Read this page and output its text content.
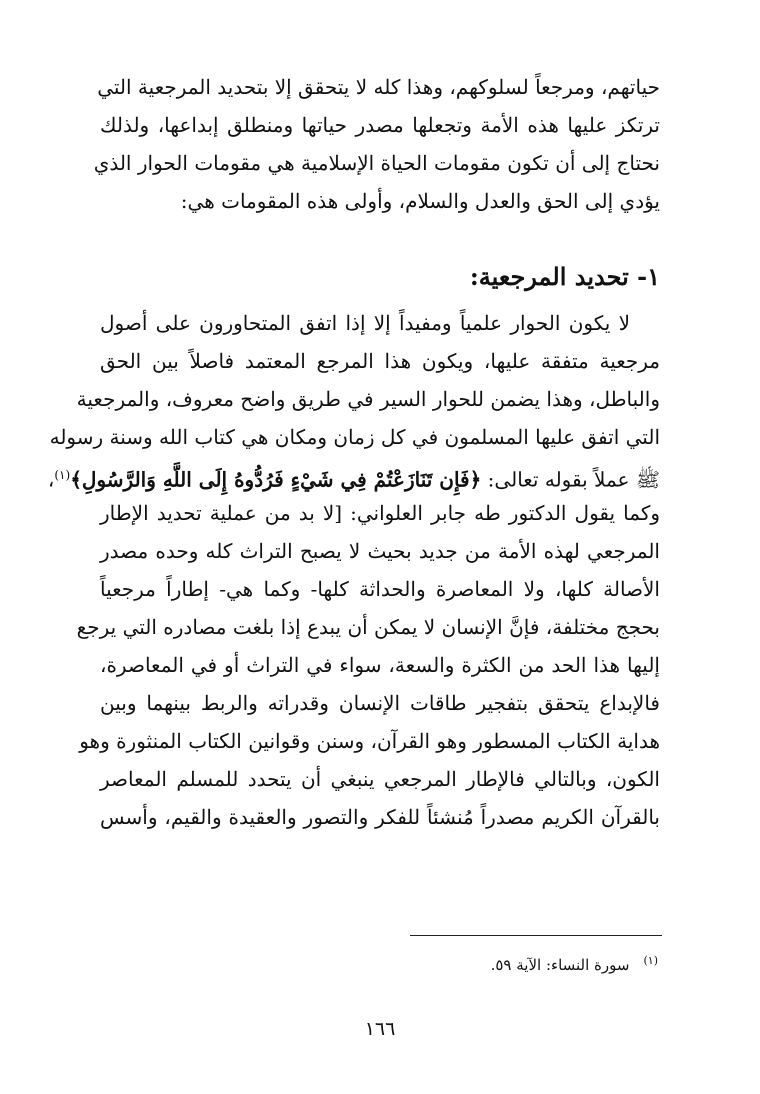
حياتهم، ومرجعاً لسلوكهم، وهذا كله لا يتحقق إلا بتحديد المرجعية التي
ترتكز عليها هذه الأمة وتجعلها مصدر حياتها ومنطلق إبداعها، ولذلك
نحتاج إلى أن تكون مقومات الحياة الإسلامية هي مقومات الحوار الذي
يؤدي إلى الحق والعدل والسلام، وأولى هذه المقومات هي:
١- تحديد المرجعية:
لا يكون الحوار علمياً ومفيداً إلا إذا اتفق المتحاورون على أصول
مرجعية متفقة عليها، ويكون هذا المرجع المعتمد فاصلاً بين الحق
والباطل، وهذا يضمن للحوار السير في طريق واضح معروف، والمرجعية
التي اتفق عليها المسلمون في كل زمان ومكان هي كتاب الله وسنة رسوله
ﷺ عملاً بقوله تعالى: ﴿فَإِن تَنَازَعْتُمْ فِي شَيْءٍ فَرُدُّوهُ إِلَى اللَّهِ وَالرَّسُولِ﴾$^{(١)}$،
وكما يقول الدكتور طه جابر العلواني: [لا بد من عملية تحديد الإطار
المرجعي لهذه الأمة من جديد بحيث لا يصبح التراث كله وحده مصدر
الأصالة كلها، ولا المعاصرة والحداثة كلها- وكما هي- إطاراً مرجعياً
بحجج مختلفة، فإنَّ الإنسان لا يمكن أن يبدع إذا بلغت مصادره التي يرجع
إليها هذا الحد من الكثرة والسعة، سواء في التراث أو في المعاصرة،
فالإبداع يتحقق بتفجير طاقات الإنسان وقدراته والربط بينهما وبين
هداية الكتاب المسطور وهو القرآن، وسنن وقوانين الكتاب المنثورة وهو
الكون، وبالتالي فالإطار المرجعي ينبغي أن يتحدد للمسلم المعاصر
بالقرآن الكريم مصدراً مُنشئاً للفكر والتصور والعقيدة والقيم، وأسس
$^{(١)}$سورة النساء: الآية ٥٩.
١٦٦
